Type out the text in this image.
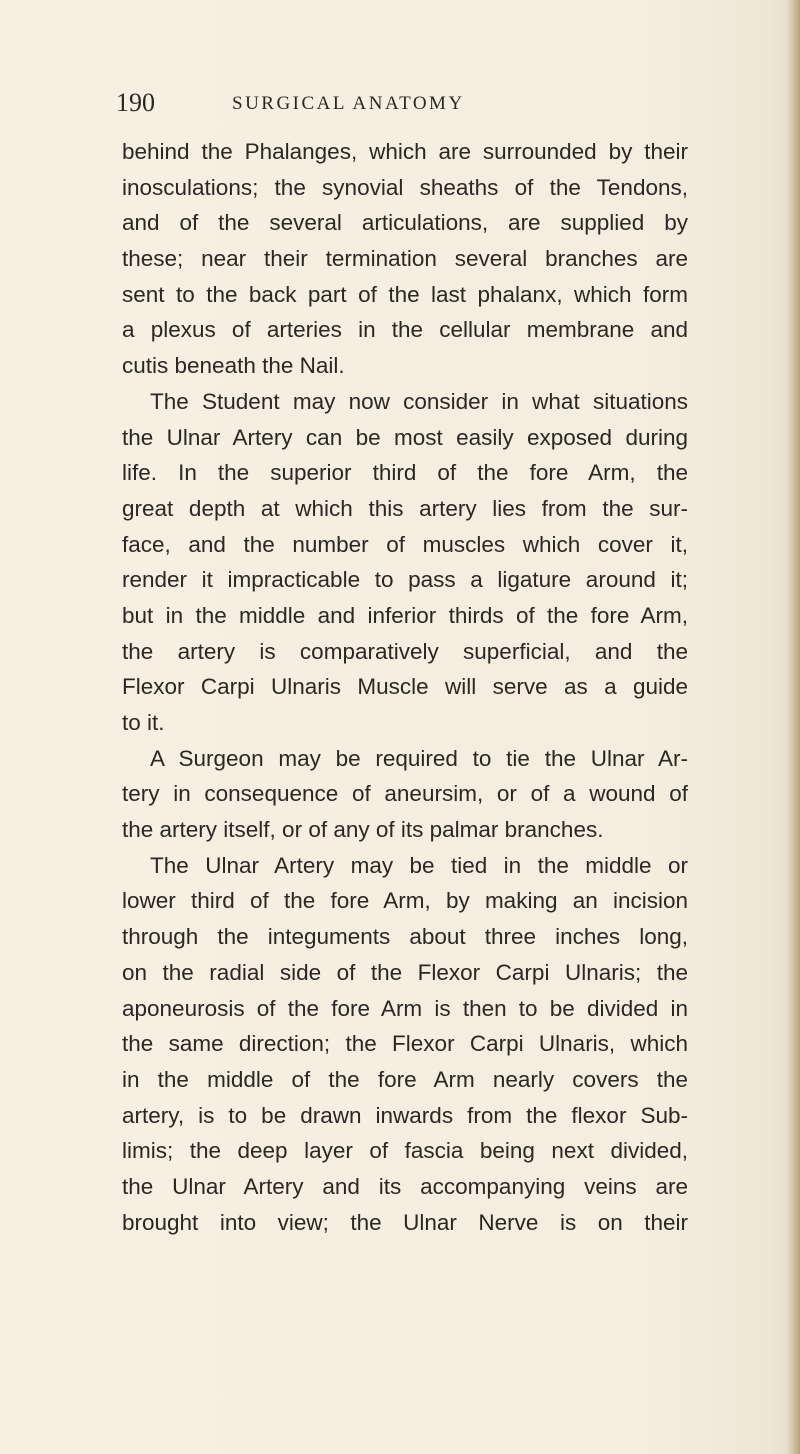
190	SURGICAL ANATOMY
behind the Phalanges, which are surrounded by their
inosculations; the synovial sheaths of the Tendons,
and of the several articulations, are supplied by
these; near their termination several branches are
sent to the back part of the last phalanx, which form
a plexus of arteries in the cellular membrane and
cutis beneath the Nail.
The Student may now consider in what situations
the Ulnar Artery can be most easily exposed during
life. In the superior third of the fore Arm, the
great depth at which this artery lies from the sur-
face, and the number of muscles which cover it,
render it impracticable to pass a ligature around it;
but in the middle and inferior thirds of the fore Arm,
the artery is comparatively superficial, and the
Flexor Carpi Ulnaris Muscle will serve as a guide
to it.
A Surgeon may be required to tie the Ulnar Ar-
tery in consequence of aneursim, or of a wound of
the artery itself, or of any of its palmar branches.
The Ulnar Artery may be tied in the middle or
lower third of the fore Arm, by making an incision
through the integuments about three inches long,
on the radial side of the Flexor Carpi Ulnaris; the
aponeurosis of the fore Arm is then to be divided in
the same direction; the Flexor Carpi Ulnaris, which
in the middle of the fore Arm nearly covers the
artery, is to be drawn inwards from the flexor Sub-
limis; the deep layer of fascia being next divided,
the Ulnar Artery and its accompanying veins are
brought into view; the Ulnar Nerve is on their
